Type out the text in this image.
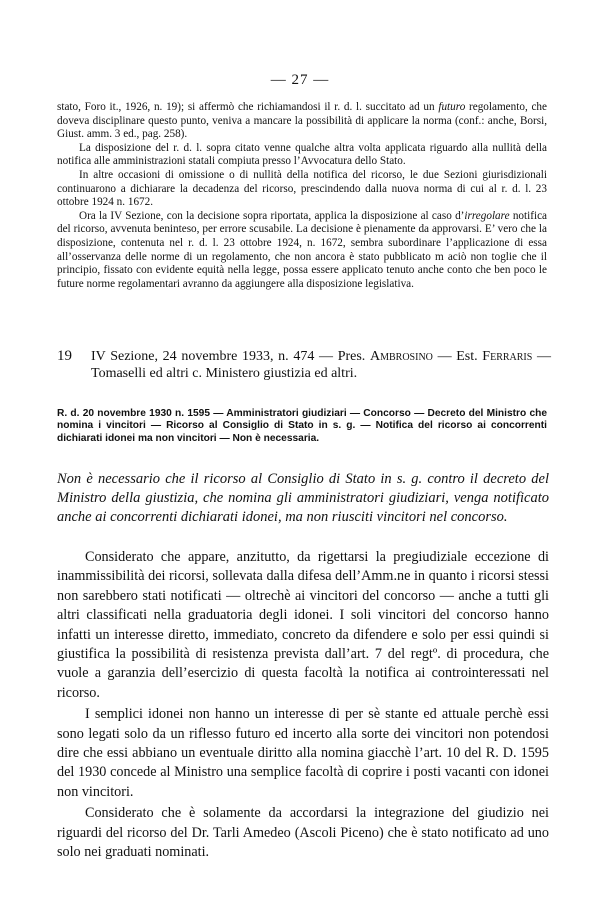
— 27 —

stato, Foro it., 1926, n. 19); si affermò che richiamandosi il r. d. l. succitato ad un futuro regolamento, che doveva disciplinare questo punto, veniva a mancare la possibilità di applicare la norma (conf.: anche, Borsi, Giust. amm. 3 ed., pag. 258).

La disposizione del r. d. l. sopra citato venne qualche altra volta applicata riguardo alla nullità della notifica alle amministrazioni statali compiuta presso l’Avvocatura dello Stato.

In altre occasioni di omissione o di nullità della notifica del ricorso, le due Sezioni giurisdizionali continuarono a dichiarare la decadenza del ricorso, prescindendo dalla nuova norma di cui al r. d. l. 23 ottobre 1924 n. 1672.

Ora la IV Sezione, con la decisione sopra riportata, applica la disposizione al caso d’irregolare notifica del ricorso, avvenuta beninteso, per errore scusabile. La decisione è pienamente da approvarsi. E’ vero che la disposizione, contenuta nel r. d. l. 23 ottobre 1924, n. 1672, sembra subordinare l’applicazione di essa all’osservanza delle norme di un regolamento, che non ancora è stato pubblicato m aciò non toglie che il principio, fissato con evidente equità nella legge, possa essere applicato tenuto anche conto che ben poco le future norme regolamentari avranno da aggiungere alla disposizione legislativa.

19 IV Sezione, 24 novembre 1933, n. 474 — Pres. Ambrosino — Est. Ferraris — Tomaselli ed altri c. Ministero giustizia ed altri.
R. d. 20 novembre 1930 n. 1595 — Amministratori giudiziari — Concorso — Decreto del Ministro che nomina i vincitori — Ricorso al Consiglio di Stato in s. g. — Notifica del ricorso ai concorrenti dichiarati idonei ma non vincitori — Non è necessaria.
Non è necessario che il ricorso al Consiglio di Stato in s. g. contro il decreto del Ministro della giustizia, che nomina gli amministratori giudiziari, venga notificato anche ai concorrenti dichiarati idonei, ma non riusciti vincitori nel concorso.

Considerato che appare, anzitutto, da rigettarsi la pregiudiziale eccezione di inammissibilità dei ricorsi, sollevata dalla difesa dell’Amm.ne in quanto i ricorsi stessi non sarebbero stati notificati — oltrechè ai vincitori del concorso — anche a tutti gli altri classificati nella graduatoria degli idonei. I soli vincitori del concorso hanno infatti un interesse diretto, immediato, concreto da difendere e solo per essi quindi si giustifica la possibilità di resistenza prevista dall’art. 7 del regtº. di procedura, che vuole a garanzia dell’esercizio di questa facoltà la notifica ai controinteressati nel ricorso.

I semplici idonei non hanno un interesse di per sè stante ed attuale perchè essi sono legati solo da un riflesso futuro ed incerto alla sorte dei vincitori non potendosi dire che essi abbiano un eventuale diritto alla nomina giacchè l’art. 10 del R. D. 1595 del 1930 concede al Ministro una semplice facoltà di coprire i posti vacanti con idonei non vincitori.

Considerato che è solamente da accordarsi la integrazione del giudizio nei riguardi del ricorso del Dr. Tarli Amedeo (Ascoli Piceno) che è stato notificato ad uno solo nei graduati nominati.
